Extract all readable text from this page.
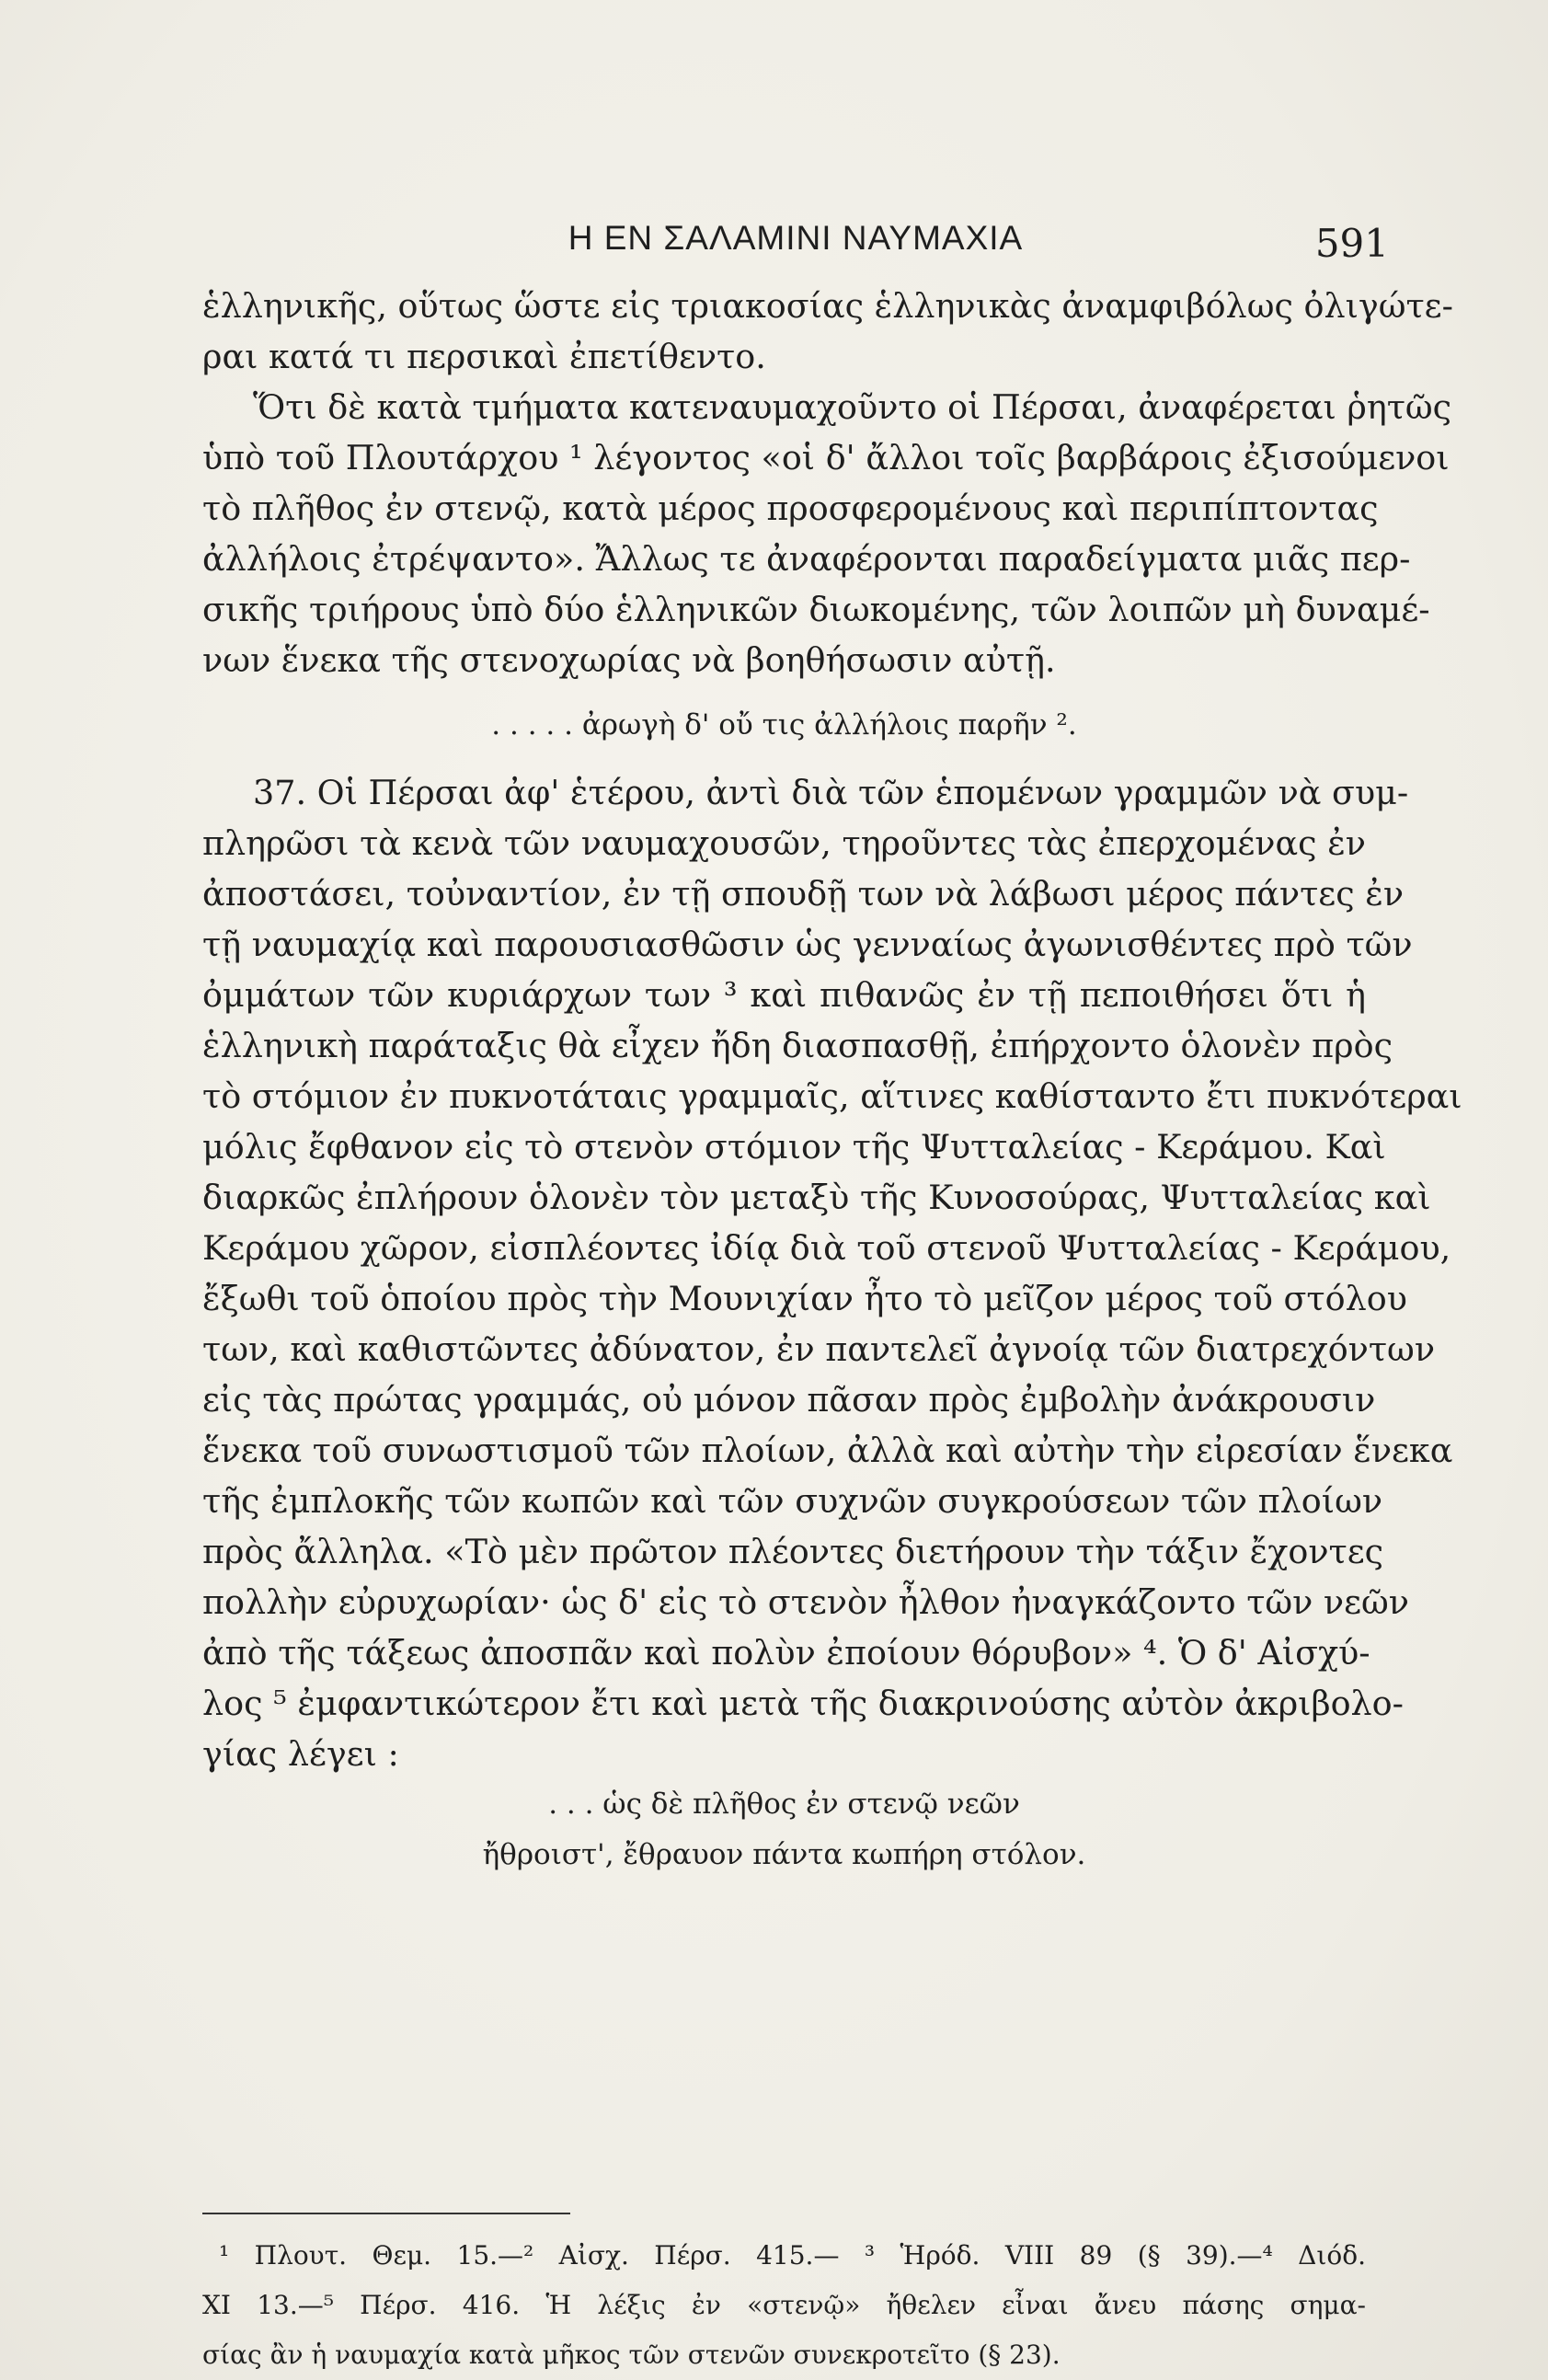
Η ΕΝ ΣΑΛΑΜΙΝΙ ΝΑΥΜΑΧΙΑ	591
ἑλληνικῆς, οὕτως ὥστε εἰς τριακοσίας ἑλληνικὰς ἀναμφιβόλως ὀλιγώτε-
ραι κατά τι περσικαὶ ἐπετίθεντο.
Ὅτι δὲ κατὰ τμήματα κατεναυμαχοῦντο οἱ Πέρσαι, ἀναφέρεται ῥητῶς
ὑπὸ τοῦ Πλουτάρχου ¹ λέγοντος «οἱ δ' ἄλλοι τοῖς βαρβάροις ἐξισούμενοι
τὸ πλῆθος ἐν στενῷ, κατὰ μέρος προσφερομένους καὶ περιπίπτοντας
ἀλλήλοις ἐτρέψαντο». Ἄλλως τε ἀναφέρονται παραδείγματα μιᾶς περ-
σικῆς τριήρους ὑπὸ δύο ἑλληνικῶν διωκομένης, τῶν λοιπῶν μὴ δυναμέ-
νων ἕνεκα τῆς στενοχωρίας νὰ βοηθήσωσιν αὐτῇ.
. . . . . ἀρωγὴ δ' οὔ τις ἀλλήλοις παρῆν ².
37. Οἱ Πέρσαι ἀφ' ἑτέρου, ἀντὶ διὰ τῶν ἑπομένων γραμμῶν νὰ συμ-
πληρῶσι τὰ κενὰ τῶν ναυμαχουσῶν, τηροῦντες τὰς ἐπερχομένας ἐν
ἀποστάσει, τοὐναντίον, ἐν τῇ σπουδῇ των νὰ λάβωσι μέρος πάντες ἐν
τῇ ναυμαχίᾳ καὶ παρουσιασθῶσιν ὡς γενναίως ἀγωνισθέντες πρὸ τῶν
ὀμμάτων τῶν κυριάρχων των ³ καὶ πιθανῶς ἐν τῇ πεποιθήσει ὅτι ἡ
ἑλληνικὴ παράταξις θὰ εἶχεν ἤδη διασπασθῇ, ἐπήρχοντο ὁλονὲν πρὸς
τὸ στόμιον ἐν πυκνοτάταις γραμμαῖς, αἵτινες καθίσταντο ἔτι πυκνότεραι
μόλις ἔφθανον εἰς τὸ στενὸν στόμιον τῆς Ψυτταλείας - Κεράμου. Καὶ
διαρκῶς ἐπλήρουν ὁλονὲν τὸν μεταξὺ τῆς Κυνοσούρας, Ψυτταλείας καὶ
Κεράμου χῶρον, εἰσπλέοντες ἰδίᾳ διὰ τοῦ στενοῦ Ψυτταλείας - Κεράμου,
ἔξωθι τοῦ ὁποίου πρὸς τὴν Μουνιχίαν ἦτο τὸ μεῖζον μέρος τοῦ στόλου
των, καὶ καθιστῶντες ἀδύνατον, ἐν παντελεῖ ἀγνοίᾳ τῶν διατρεχόντων
εἰς τὰς πρώτας γραμμάς, οὐ μόνον πᾶσαν πρὸς ἐμβολὴν ἀνάκρουσιν
ἕνεκα τοῦ συνωστισμοῦ τῶν πλοίων, ἀλλὰ καὶ αὐτὴν τὴν εἰρεσίαν ἕνεκα
τῆς ἐμπλοκῆς τῶν κωπῶν καὶ τῶν συχνῶν συγκρούσεων τῶν πλοίων
πρὸς ἄλληλα. «Τὸ μὲν πρῶτον πλέοντες διετήρουν τὴν τάξιν ἔχοντες
πολλὴν εὐρυχωρίαν· ὡς δ' εἰς τὸ στενὸν ἦλθον ἠναγκάζοντο τῶν νεῶν
ἀπὸ τῆς τάξεως ἀποσπᾶν καὶ πολὺν ἐποίουν θόρυβον» ⁴. Ὁ δ' Αἰσχύ-
λος ⁵ ἐμφαντικώτερον ἔτι καὶ μετὰ τῆς διακρινούσης αὐτὸν ἀκριβολο-
γίας λέγει :
. . . ὡς δὲ πλῆθος ἐν στενῷ νεῶν
ἤθροιστ', ἔθραυον πάντα κωπήρη στόλον.
¹ Πλουτ. Θεμ. 15.—² Αἰσχ. Πέρσ. 415.— ³ Ἡρόδ. VIII 89 (§ 39).—⁴ Διόδ.
XI 13.—⁵ Πέρσ. 416. Ἡ λέξις ἐν «στενῷ» ἤθελεν εἶναι ἄνευ πάσης σημα-
σίας ἂν ἡ ναυμαχία κατὰ μῆκος τῶν στενῶν συνεκροτεῖτο (§ 23).
